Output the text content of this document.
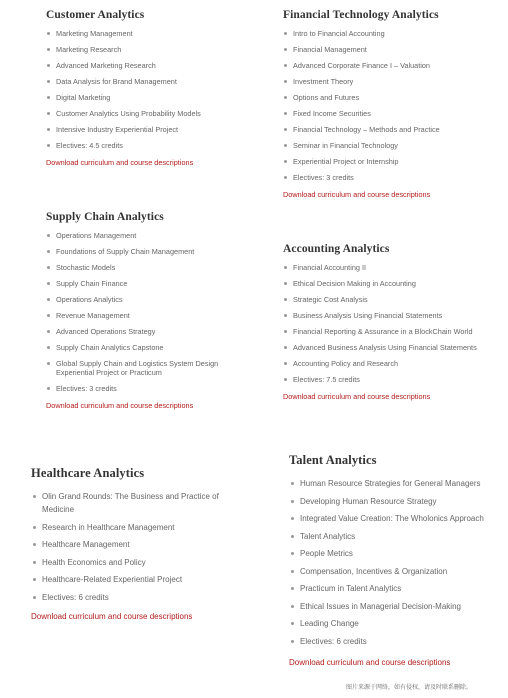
Customer Analytics
Marketing Management
Marketing Research
Advanced Marketing Research
Data Analysis for Brand Management
Digital Marketing
Customer Analytics Using Probability Models
Intensive Industry Experiential Project
Electives: 4.5 credits
Download curriculum and course descriptions
Financial Technology Analytics
Intro to Financial Accounting
Financial Management
Advanced Corporate Finance I – Valuation
Investment Theory
Options and Futures
Fixed Income Securities
Financial Technology – Methods and Practice
Seminar in Financial Technology
Experiential Project or Internship
Electives: 3 credits
Download curriculum and course descriptions
Supply Chain Analytics
Operations Management
Foundations of Supply Chain Management
Stochastic Models
Supply Chain Finance
Operations Analytics
Revenue Management
Advanced Operations Strategy
Supply Chain Analytics Capstone
Global Supply Chain and Logistics System Design Experiential Project or Practicum
Electives: 3 credits
Download curriculum and course descriptions
Accounting Analytics
Financial Accounting II
Ethical Decision Making in Accounting
Strategic Cost Analysis
Business Analysis Using Financial Statements
Financial Reporting & Assurance in a BlockChain World
Advanced Business Analysis Using Financial Statements
Accounting Policy and Research
Electives: 7.5 credits
Download curriculum and course descriptions
Healthcare Analytics
Olin Grand Rounds: The Business and Practice of Medicine
Research in Healthcare Management
Healthcare Management
Health Economics and Policy
Healthcare-Related Experiential Project
Electives: 6 credits
Download curriculum and course descriptions
Talent Analytics
Human Resource Strategies for General Managers
Developing Human Resource Strategy
Integrated Value Creation: The Wholonics Approach
Talent Analytics
People Metrics
Compensation, Incentives & Organization
Practicum in Talent Analytics
Ethical Issues in Managerial Decision-Making
Leading Change
Electives: 6 credits
Download curriculum and course descriptions
图片来源于网络，如有侵权，请及时联系删除。
